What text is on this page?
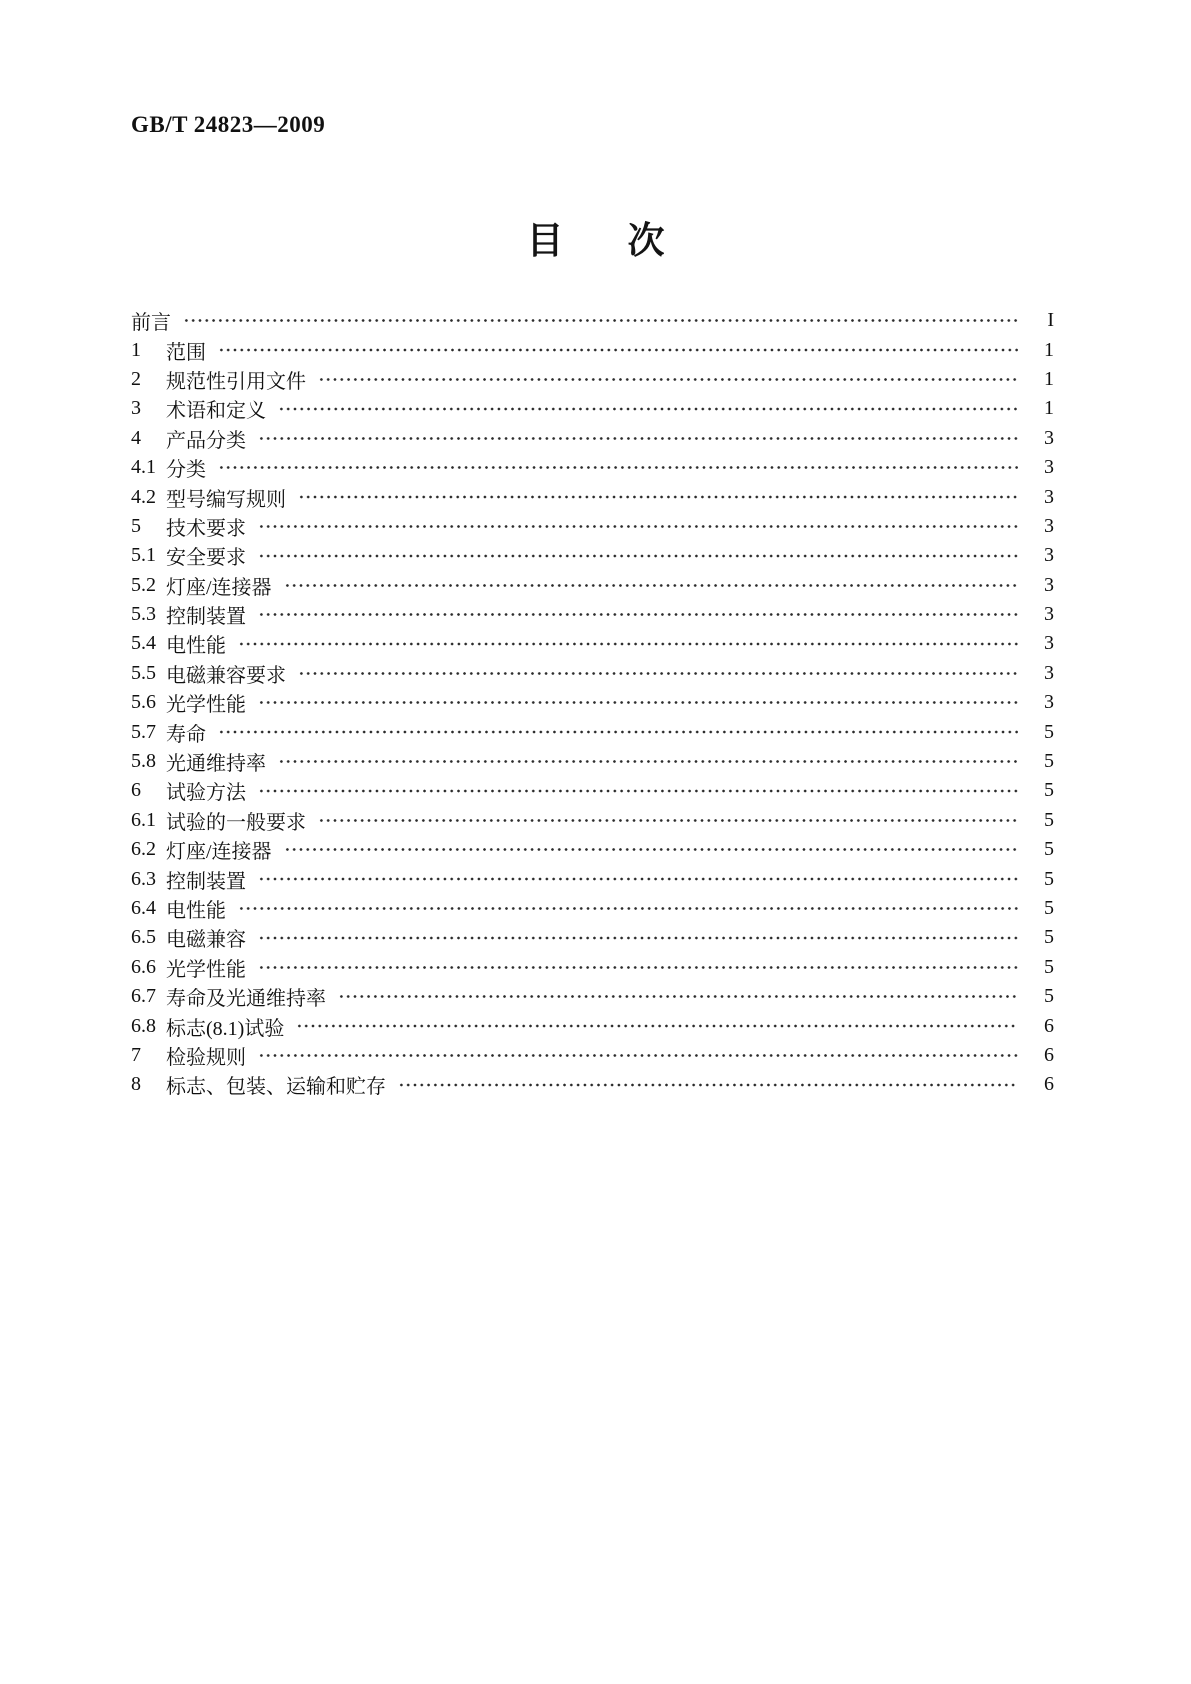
GB/T 24823—2009
目 次
前言	I
1	范围	1
2	规范性引用文件	1
3	术语和定义	1
4	产品分类	3
4.1 分类	3
4.2 型号编写规则	3
5	技术要求	3
5.1 安全要求	3
5.2 灯座/连接器	3
5.3 控制装置	3
5.4 电性能	3
5.5 电磁兼容要求	3
5.6 光学性能	3
5.7 寿命	5
5.8 光通维持率	5
6	试验方法	5
6.1 试验的一般要求	5
6.2 灯座/连接器	5
6.3 控制装置	5
6.4 电性能	5
6.5 电磁兼容	5
6.6 光学性能	5
6.7 寿命及光通维持率	5
6.8 标志(8.1)试验	6
7	检验规则	6
8	标志、包装、运输和贮存	6
